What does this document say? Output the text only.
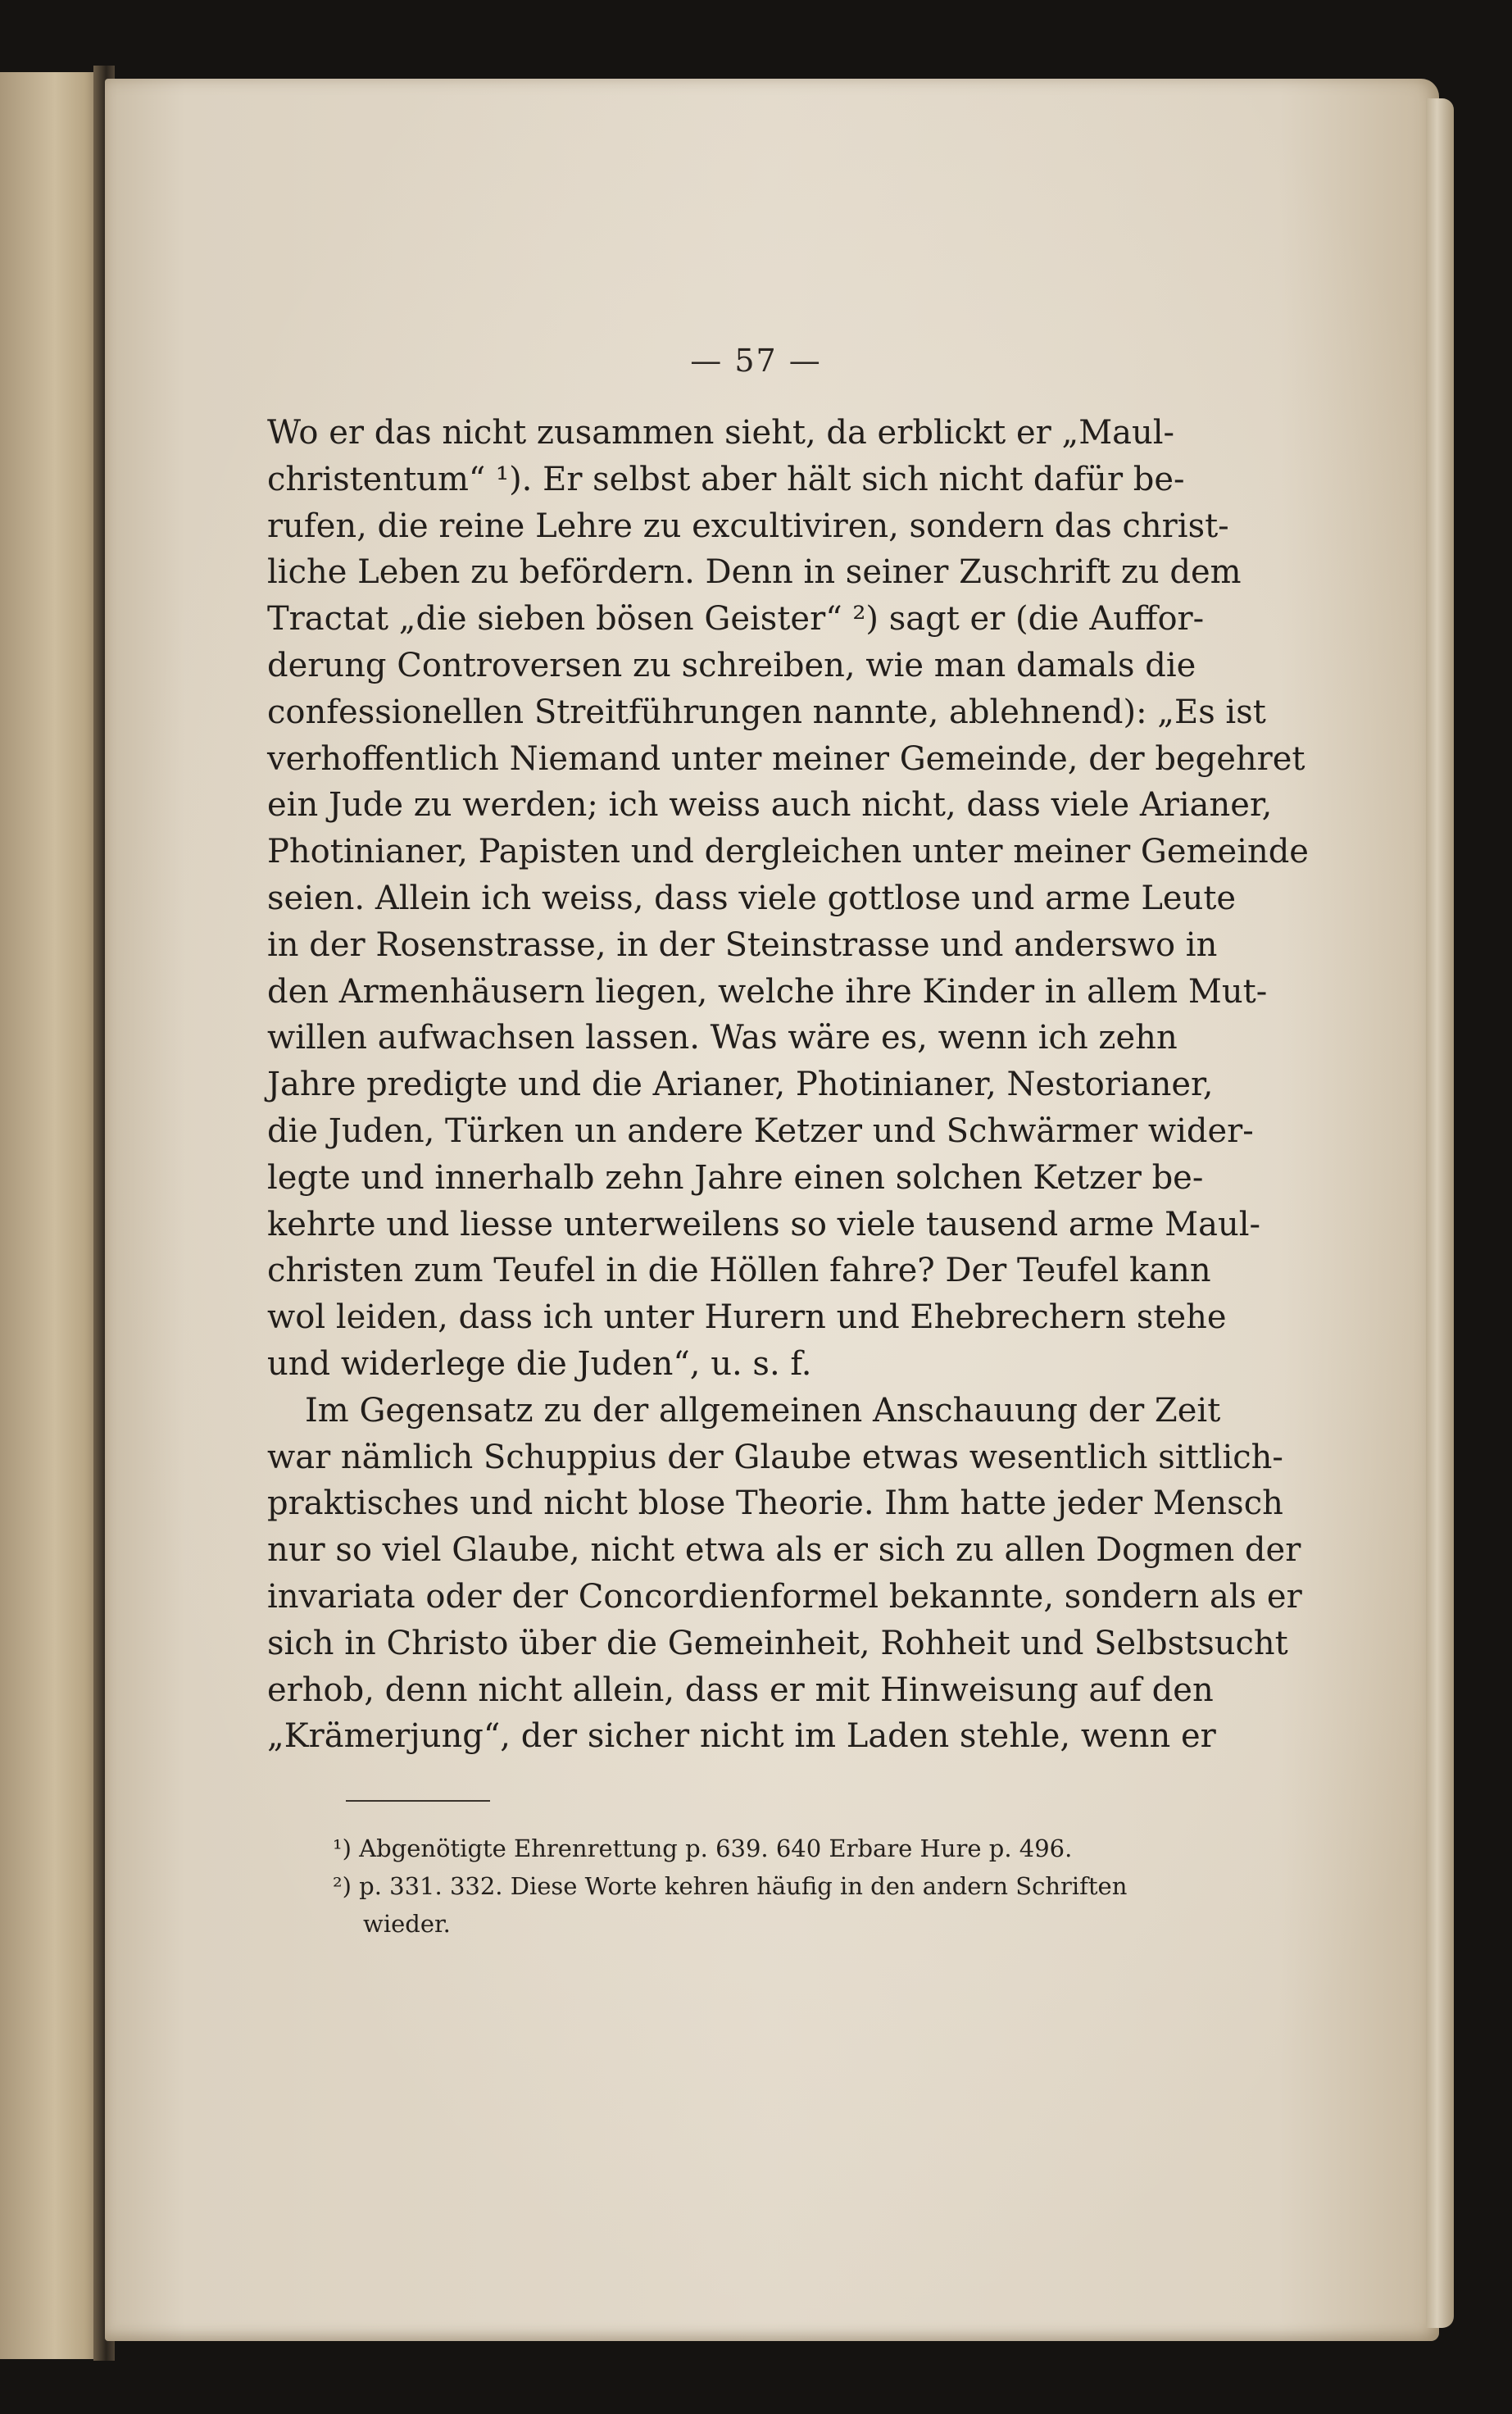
— 57 —
Wo er das nicht zusammen sieht, da erblickt er „Maul-
christentum“ ¹). Er selbst aber hält sich nicht dafür be-
rufen, die reine Lehre zu excultiviren, sondern das christ-
liche Leben zu befördern. Denn in seiner Zuschrift zu dem
Tractat „die sieben bösen Geister“ ²) sagt er (die Auffor-
derung Controversen zu schreiben, wie man damals die
confessionellen Streitführungen nannte, ablehnend): „Es ist
verhoffentlich Niemand unter meiner Gemeinde, der begehret
ein Jude zu werden; ich weiss auch nicht, dass viele Arianer,
Photinianer, Papisten und dergleichen unter meiner Gemeinde
seien. Allein ich weiss, dass viele gottlose und arme Leute
in der Rosenstrasse, in der Steinstrasse und anderswo in
den Armenhäusern liegen, welche ihre Kinder in allem Mut-
willen aufwachsen lassen. Was wäre es, wenn ich zehn
Jahre predigte und die Arianer, Photinianer, Nestorianer,
die Juden, Türken un andere Ketzer und Schwärmer wider-
legte und innerhalb zehn Jahre einen solchen Ketzer be-
kehrte und liesse unterweilens so viele tausend arme Maul-
christen zum Teufel in die Höllen fahre? Der Teufel kann
wol leiden, dass ich unter Hurern und Ehebrechern stehe
und widerlege die Juden“, u. s. f.
Im Gegensatz zu der allgemeinen Anschauung der Zeit
war nämlich Schuppius der Glaube etwas wesentlich sittlich-
praktisches und nicht blose Theorie. Ihm hatte jeder Mensch
nur so viel Glaube, nicht etwa als er sich zu allen Dogmen der
invariata oder der Concordienformel bekannte, sondern als er
sich in Christo über die Gemeinheit, Rohheit und Selbstsucht
erhob, denn nicht allein, dass er mit Hinweisung auf den
„Krämerjung“, der sicher nicht im Laden stehle, wenn er
¹) Abgenötigte Ehrenrettung p. 639. 640 Erbare Hure p. 496.
²) p. 331. 332. Diese Worte kehren häufig in den andern Schriften
wieder.
